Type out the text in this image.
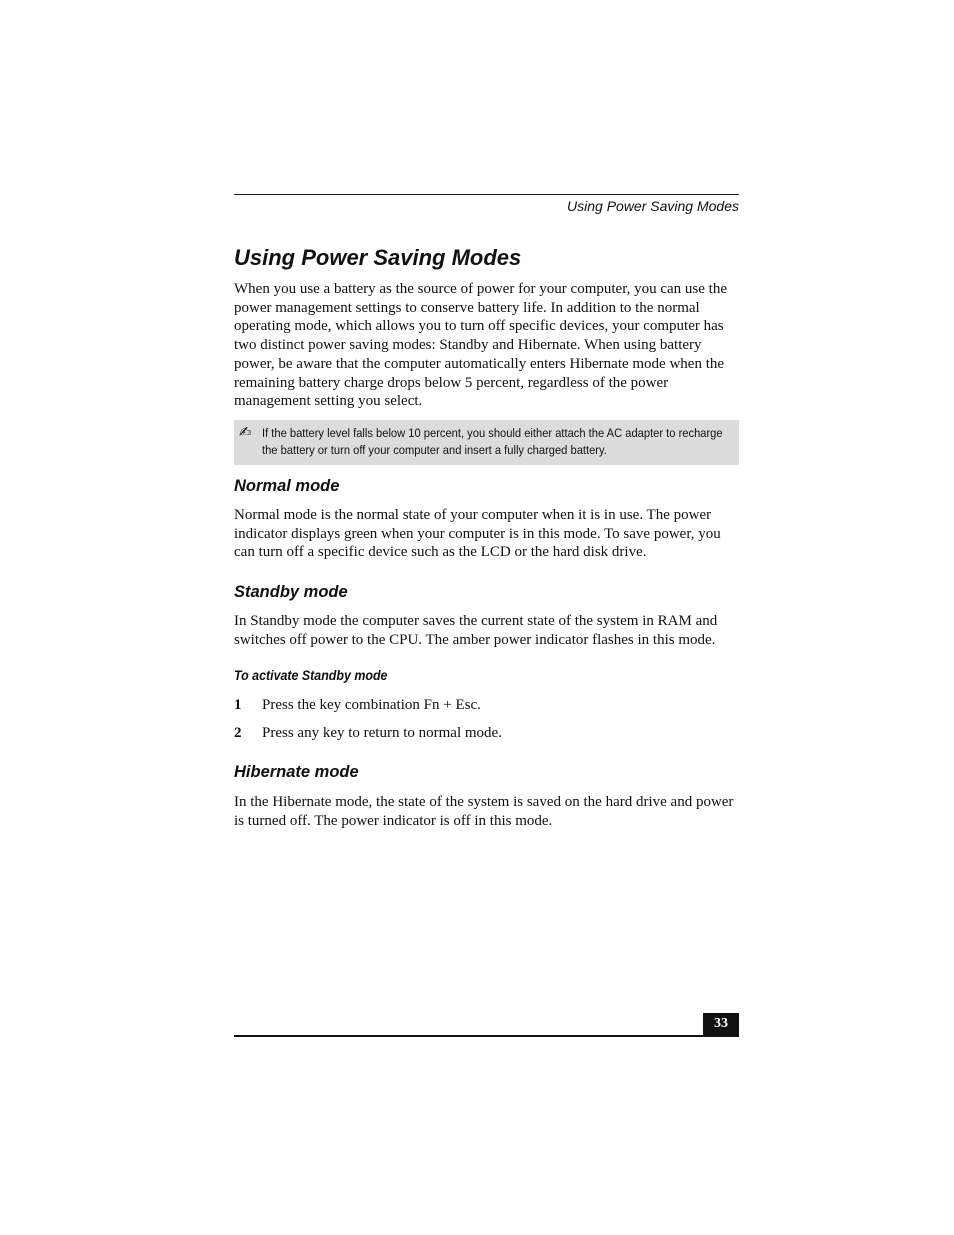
Using Power Saving Modes
Using Power Saving Modes

When you use a battery as the source of power for your computer, you can use the power management settings to conserve battery life. In addition to the normal operating mode, which allows you to turn off specific devices, your computer has two distinct power saving modes: Standby and Hibernate. When using battery power, be aware that the computer automatically enters Hibernate mode when the remaining battery charge drops below 5 percent, regardless of the power management setting you select.

✍ If the battery level falls below 10 percent, you should either attach the AC adapter to recharge the battery or turn off your computer and insert a fully charged battery.
Normal mode

Normal mode is the normal state of your computer when it is in use. The power indicator displays green when your computer is in this mode. To save power, you can turn off a specific device such as the LCD or the hard disk drive.

Standby mode

In Standby mode the computer saves the current state of the system in RAM and switches off power to the CPU. The amber power indicator flashes in this mode.

To activate Standby mode
1 Press the key combination Fn + Esc.
2 Press any key to return to normal mode.
Hibernate mode

In the Hibernate mode, the state of the system is saved on the hard drive and power is turned off. The power indicator is off in this mode.

33
